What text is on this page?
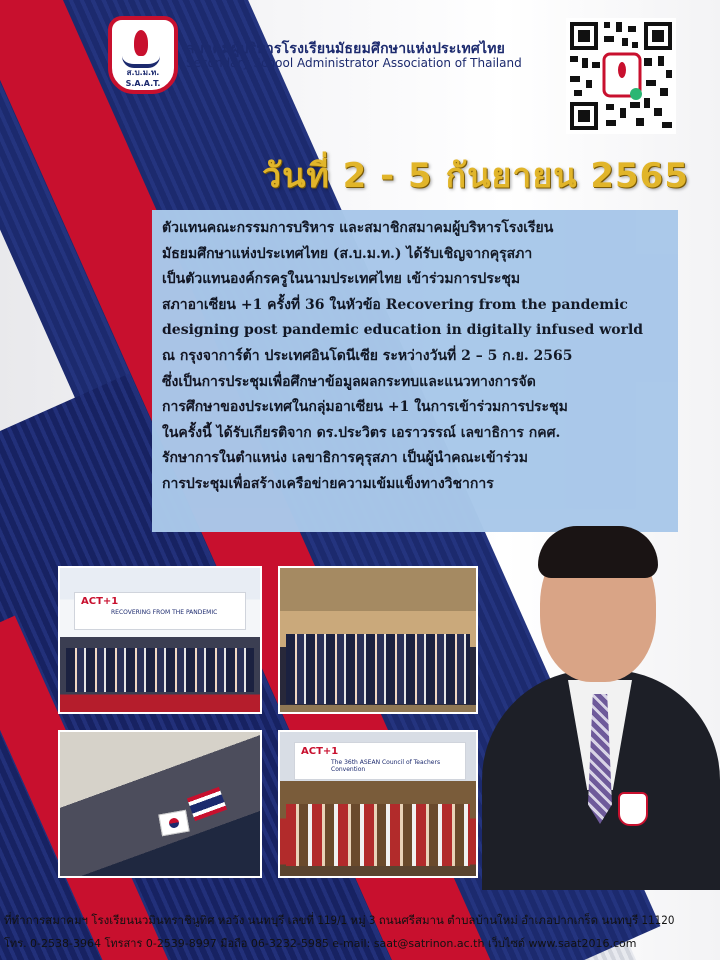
ส.บ.ม.ท. S.A.A.T.
สมาคมผู้บริหารโรงเรียนมัธยมศึกษาแห่งประเทศไทย
Secondary School Administrator Association of Thailand
วันที่ 2 - 5 กันยายน 2565

ตัวแทนคณะกรรมการบริหาร และสมาชิกสมาคมผู้บริหารโรงเรียน
มัธยมศึกษาแห่งประเทศไทย (ส.บ.ม.ท.) ได้รับเชิญจากคุรุสภา
เป็นตัวแทนองค์กรครูในนามประเทศไทย เข้าร่วมการประชุม
สภาอาเซียน +1 ครั้งที่ 36 ในหัวข้อ Recovering from the pandemic
designing post pandemic education in digitally infused world
ณ กรุงจาการ์ต้า ประเทศอินโดนีเซีย ระหว่างวันที่ 2 – 5 ก.ย. 2565
ซึ่งเป็นการประชุมเพื่อศึกษาข้อมูลผลกระทบและแนวทางการจัด
การศึกษาของประเทศในกลุ่มอาเซียน +1 ในการเข้าร่วมการประชุม
ในครั้งนี้ ได้รับเกียรติจาก ดร.ประวิตร เอราวรรณ์ เลขาธิการ กคศ.
รักษาการในตำแหน่ง เลขาธิการคุรุสภา เป็นผู้นำคณะเข้าร่วม
การประชุมเพื่อสร้างเครือข่ายความเข้มแข็งทางวิชาการ

ACT+1
RECOVERING FROM THE PANDEMIC
ACT+1
The 36th ASEAN Council of Teachers Convention
ที่ทำการสมาคมฯ โรงเรียนนวมินทราชินูทิศ หอวัง นนทบุรี เลขที่ 119/1 หมู่ 3 ถนนศรีสมาน ตำบลบ้านใหม่ อำเภอปากเกร็ด นนทบุรี 11120
โทร. 0-2538-3964 โทรสาร 0-2539-8997 มือถือ 06-3232-5985 e-mail: saat@satrinon.ac.th เว็บไซต์ www.saat2016.com
